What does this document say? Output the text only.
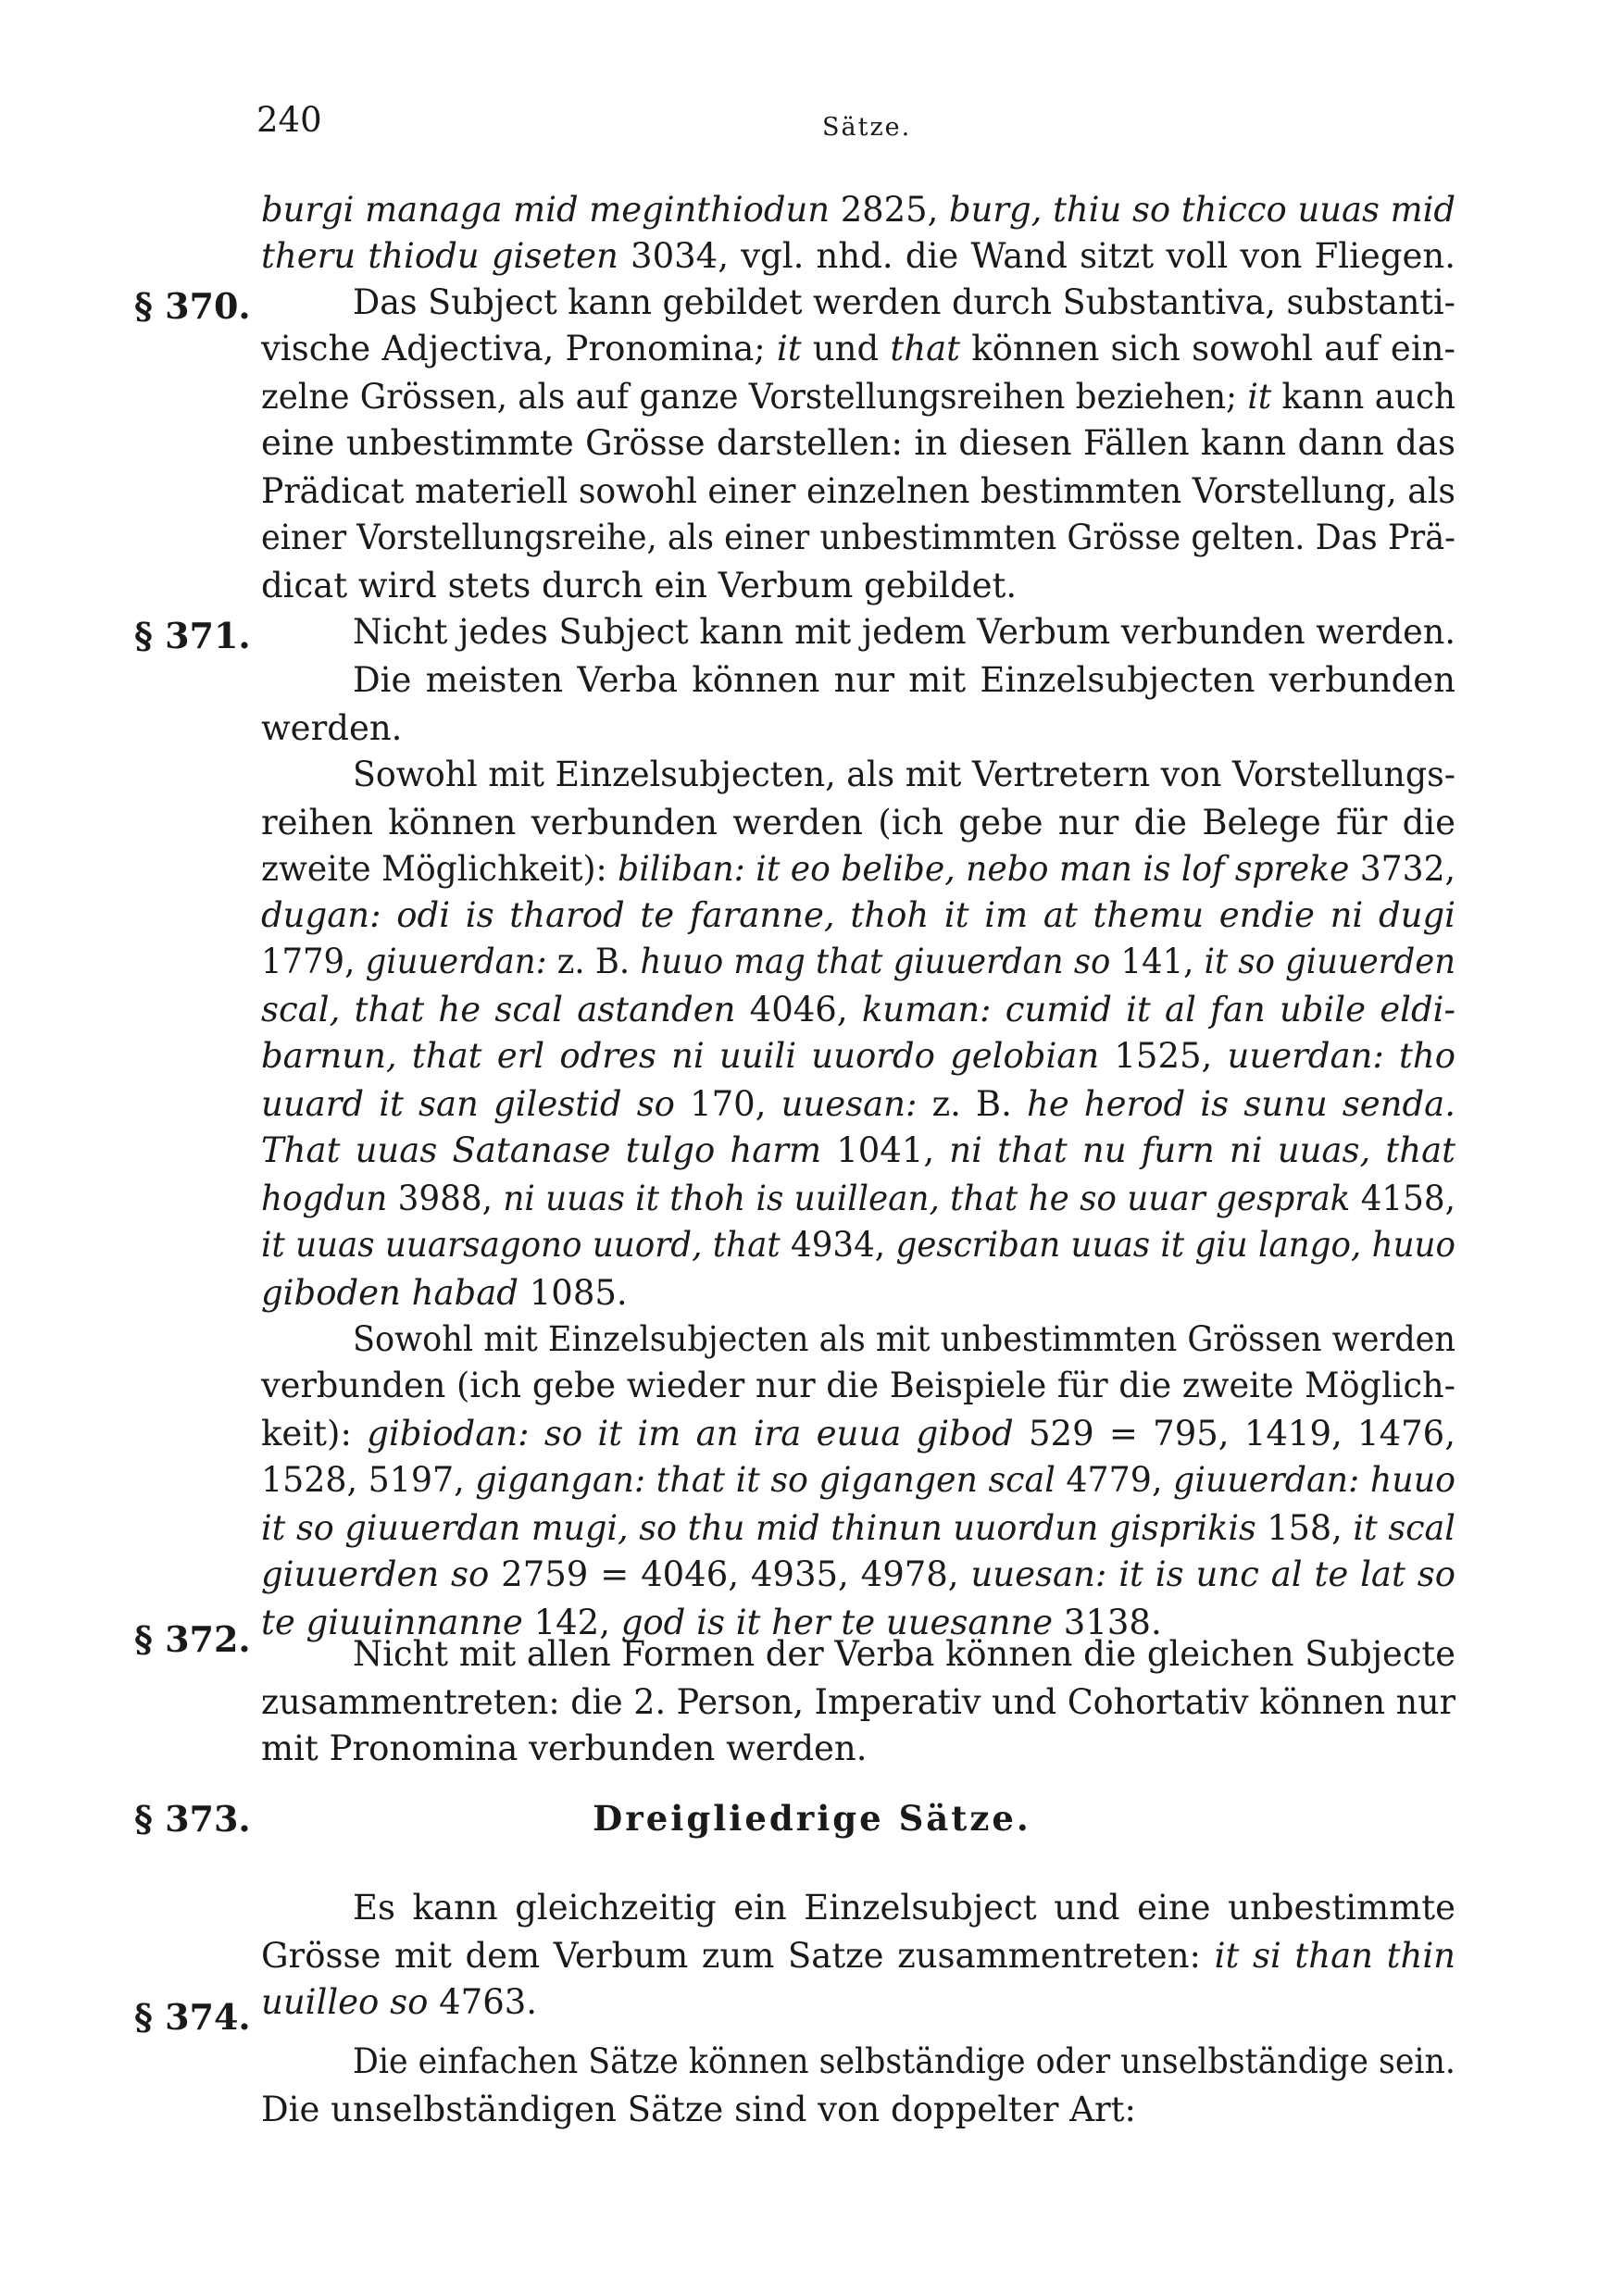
240	Sätze.
§ 370.
§ 371.
§ 372.
§ 373.
§ 374.
Dreigliedrige Sätze.
burgi managa mid meginthiodun 2825, burg, thiu so thicco uuas mid
theru thiodu giseten 3034, vgl. nhd. die Wand sitzt voll von Fliegen.
Das Subject kann gebildet werden durch Substantiva, substanti-
vische Adjectiva, Pronomina; it und that können sich sowohl auf ein-
zelne Grössen, als auf ganze Vorstellungsreihen beziehen; it kann auch
eine unbestimmte Grösse darstellen: in diesen Fällen kann dann das
Prädicat materiell sowohl einer einzelnen bestimmten Vorstellung, als
einer Vorstellungsreihe, als einer unbestimmten Grösse gelten. Das Prä-
dicat wird stets durch ein Verbum gebildet.
Nicht jedes Subject kann mit jedem Verbum verbunden werden.
Die meisten Verba können nur mit Einzelsubjecten verbunden
werden.
Sowohl mit Einzelsubjecten, als mit Vertretern von Vorstellungs-
reihen können verbunden werden (ich gebe nur die Belege für die
zweite Möglichkeit): biliban: it eo belibe, nebo man is lof spreke 3732,
dugan: odi is tharod te faranne, thoh it im at themu endie ni dugi
1779, giuuerdan: z. B. huuo mag that giuuerdan so 141, it so giuuerden
scal, that he scal astanden 4046, kuman: cumid it al fan ubile eldi-
barnun, that erl odres ni uuili uuordo gelobian 1525, uuerdan: tho
uuard it san gilestid so 170, uuesan: z. B. he herod is sunu senda.
That uuas Satanase tulgo harm 1041, ni that nu furn ni uuas, that
hogdun 3988, ni uuas it thoh is uuillean, that he so uuar gesprak 4158,
it uuas uuarsagono uuord, that 4934, gescriban uuas it giu lango, huuo
giboden habad 1085.
Sowohl mit Einzelsubjecten als mit unbestimmten Grössen werden
verbunden (ich gebe wieder nur die Beispiele für die zweite Möglich-
keit): gibiodan: so it im an ira euua gibod 529 = 795, 1419, 1476,
1528, 5197, gigangan: that it so gigangen scal 4779, giuuerdan: huuo
it so giuuerdan mugi, so thu mid thinun uuordun gisprikis 158, it scal
giuuerden so 2759 = 4046, 4935, 4978, uuesan: it is unc al te lat so
te giuuinnanne 142, god is it her te uuesanne 3138.
Nicht mit allen Formen der Verba können die gleichen Subjecte
zusammentreten: die 2. Person, Imperativ und Cohortativ können nur
mit Pronomina verbunden werden.
Es kann gleichzeitig ein Einzelsubject und eine unbestimmte
Grösse mit dem Verbum zum Satze zusammentreten: it si than thin
uuilleo so 4763.
Die einfachen Sätze können selbständige oder unselbständige sein.
Die unselbständigen Sätze sind von doppelter Art:
